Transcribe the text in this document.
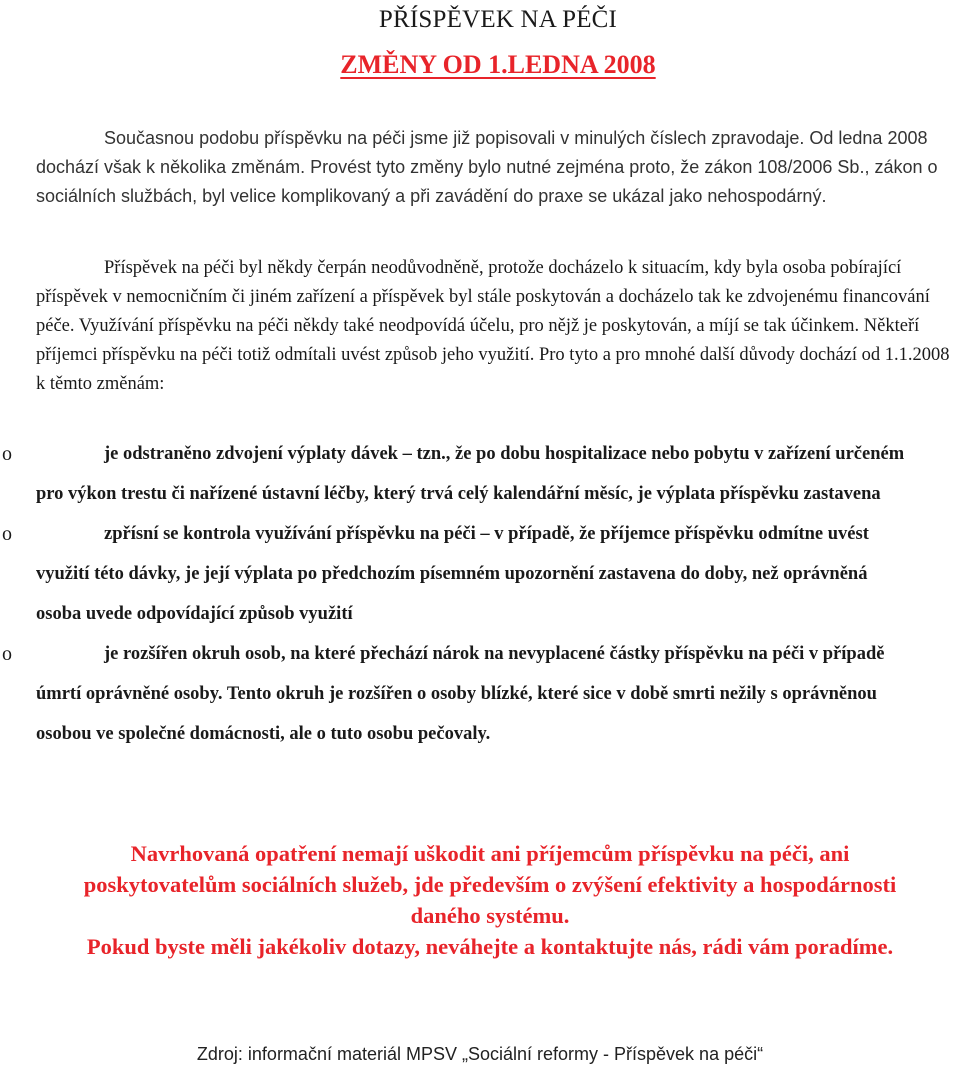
PŘÍSPĚVEK NA PÉČI
ZMĚNY OD 1.LEDNA 2008

Současnou podobu příspěvku na péči jsme již popisovali v minulých číslech zpravodaje. Od ledna 2008 dochází však k několika změnám. Provést tyto změny bylo nutné zejména proto, že zákon 108/2006 Sb., zákon o sociálních službách, byl velice komplikovaný a při zavádění do praxe se ukázal jako nehospodárný.

Příspěvek na péči byl někdy čerpán neodůvodněně, protože docházelo k situacím, kdy byla osoba pobírající příspěvek v nemocničním či jiném zařízení a příspěvek byl stále poskytován a docházelo tak ke zdvojenému financování péče. Využívání příspěvku na péči někdy také neodpovídá účelu, pro nějž je poskytován, a míjí se tak účinkem. Někteří příjemci příspěvku na péči totiž odmítali uvést způsob jeho využití. Pro tyto a pro mnohé další důvody dochází od 1.1.2008 k těmto změnám:

o	je odstraněno zdvojení výplaty dávek – tzn., že po dobu hospitalizace nebo pobytu v zařízení určeném pro výkon trestu či nařízené ústavní léčby, který trvá celý kalendářní měsíc, je výplata příspěvku zastavena
o	zpřísní se kontrola využívání příspěvku na péči – v případě, že příjemce příspěvku odmítne uvést využití této dávky, je její výplata po předchozím písemném upozornění zastavena do doby, než oprávněná osoba uvede odpovídající způsob využití
o	je rozšířen okruh osob, na které přechází nárok na nevyplacené částky příspěvku na péči v případě úmrtí oprávněné osoby. Tento okruh je rozšířen o osoby blízké, které sice v době smrti nežily s oprávněnou osobou ve společné domácnosti, ale o tuto osobu pečovaly.

Navrhovaná opatření nemají uškodit ani příjemcům příspěvku na péči, ani poskytovatelům sociálních služeb, jde především o zvýšení efektivity a hospodárnosti daného systému.
Pokud byste měli jakékoliv dotazy, neváhejte a kontaktujte nás, rádi vám poradíme.

Zdroj: informační materiál MPSV „Sociální reformy - Příspěvek na péči“
